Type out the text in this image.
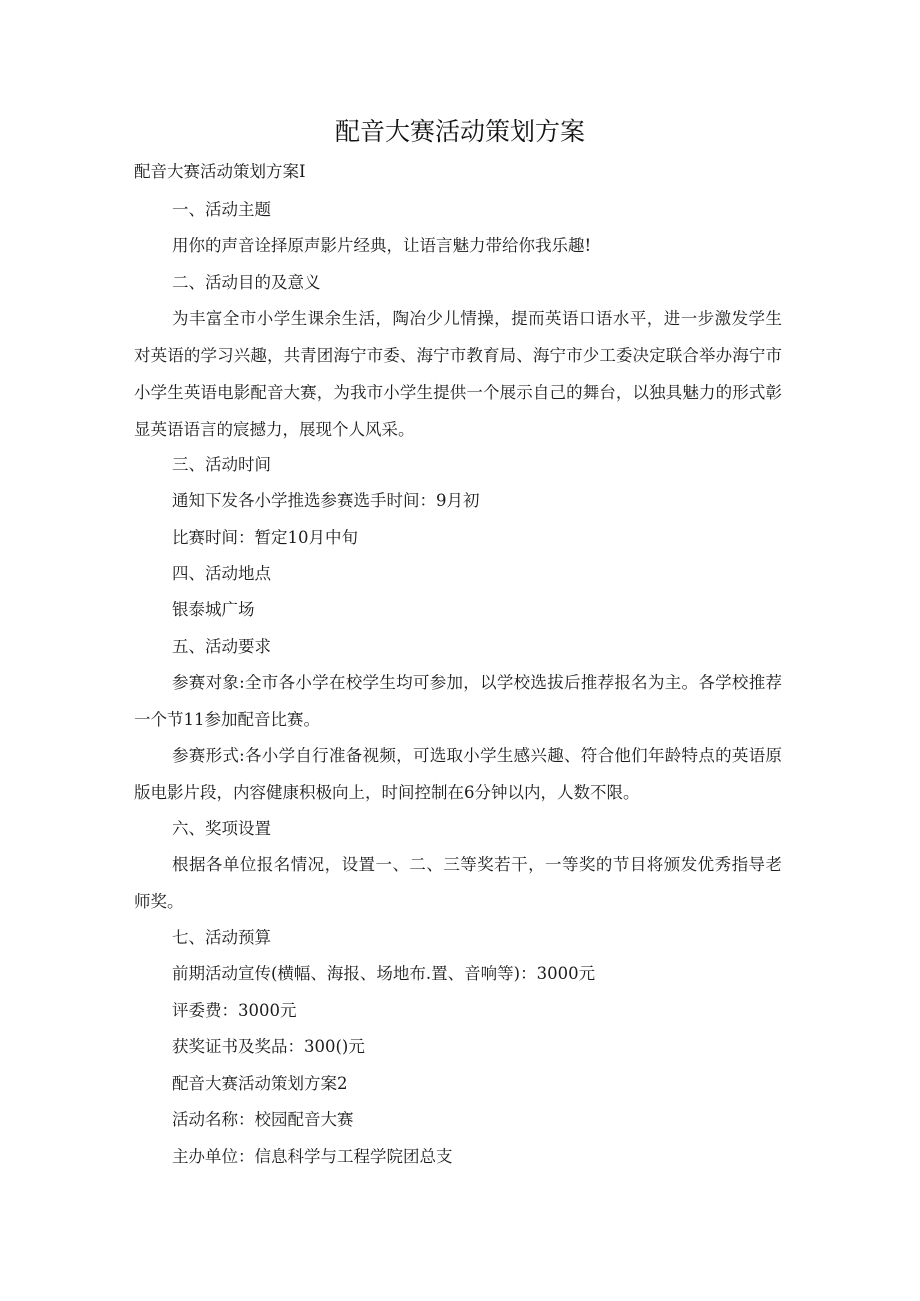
配音大赛活动策划方案
配音大赛活动策划方案I
一、活动主题
用你的声音诠择原声影片经典，让语言魅力带给你我乐趣!
二、活动目的及意义
为丰富全市小学生课余生活，陶冶少儿情操，提而英语口语水平，进一步激发学生对英语的学习兴趣，共青团海宁市委、海宁市教育局、海宁市少工委决定联合举办海宁市小学生英语电影配音大赛，为我市小学生提供一个展示自己的舞台，以独具魅力的形式彰显英语语言的宸撼力，展现个人风采。
三、活动时间
通知下发各小学推选参赛选手时间：9月初
比赛时间：暂定10月中旬
四、活动地点
银泰城广场
五、活动要求
参赛对象:全市各小学在校学生均可参加，以学校选拔后推荐报名为主。各学校推荐一个节11参加配音比赛。
参赛形式:各小学自行准备视频，可选取小学生感兴趣、符合他们年龄特点的英语原版电影片段，内容健康积极向上，时间控制在6分钟以内，人数不限。
六、奖项设置
根据各单位报名情况，设置一、二、三等奖若干，一等奖的节目将颁发优秀指导老师奖。
七、活动预算
前期活动宣传(横幅、海报、场地布.置、音响等)：3000元
评委费：3000元
获奖证书及奖品：300()元
配音大赛活动策划方案2
活动名称：校园配音大赛
主办单位：信息科学与工程学院团总支
